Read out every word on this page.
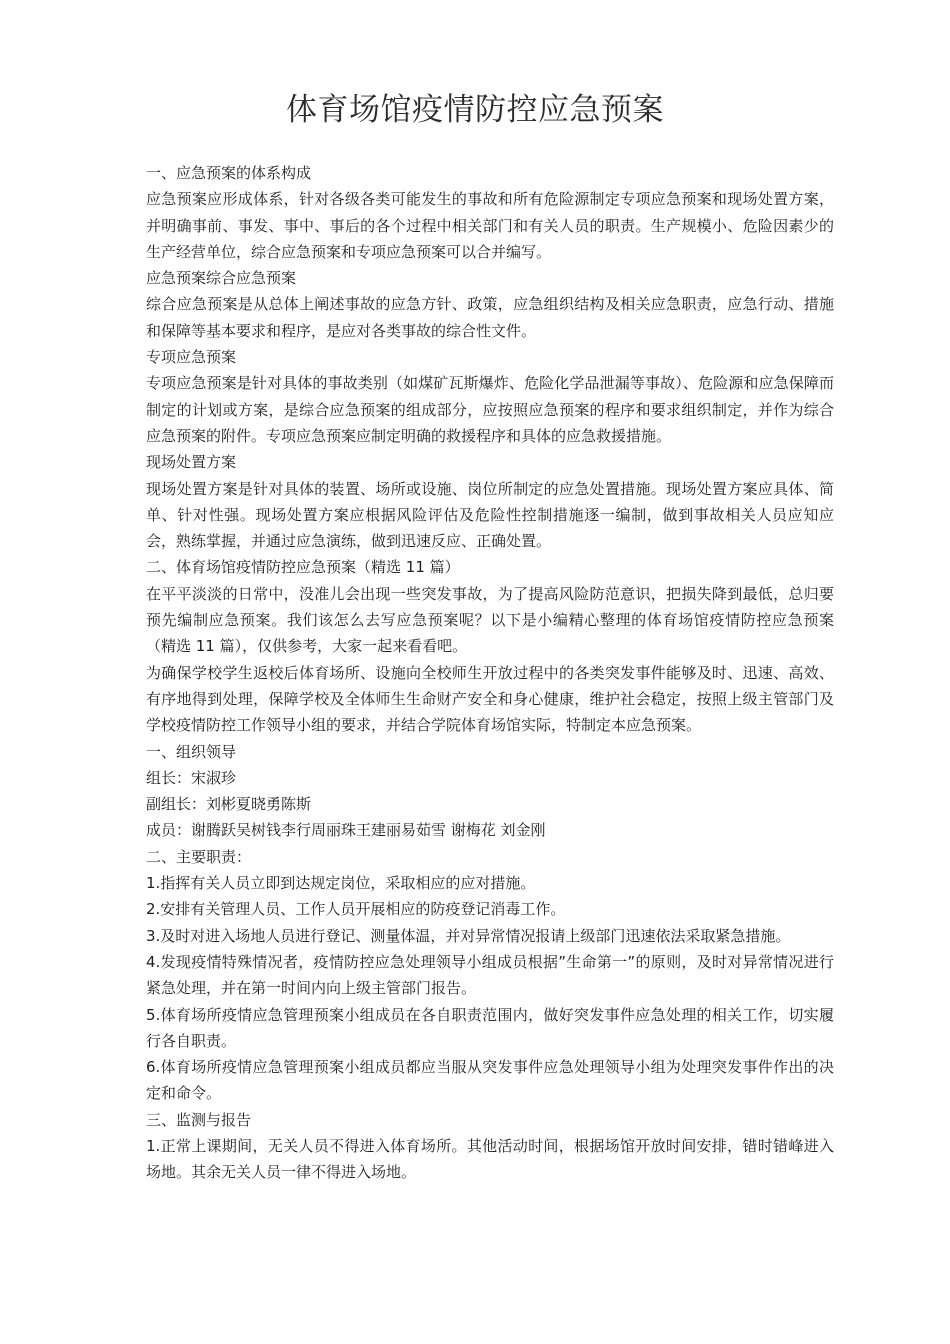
体育场馆疫情防控应急预案

一、应急预案的体系构成

应急预案应形成体系，针对各级各类可能发生的事故和所有危险源制定专项应急预案和现场处置方案，并明确事前、事发、事中、事后的各个过程中相关部门和有关人员的职责。生产规模小、危险因素少的生产经营单位，综合应急预案和专项应急预案可以合并编写。

应急预案综合应急预案

综合应急预案是从总体上阐述事故的应急方针、政策，应急组织结构及相关应急职责，应急行动、措施和保障等基本要求和程序，是应对各类事故的综合性文件。

专项应急预案

专项应急预案是针对具体的事故类别（如煤矿瓦斯爆炸、危险化学品泄漏等事故）、危险源和应急保障而制定的计划或方案，是综合应急预案的组成部分，应按照应急预案的程序和要求组织制定，并作为综合应急预案的附件。专项应急预案应制定明确的救援程序和具体的应急救援措施。

现场处置方案

现场处置方案是针对具体的装置、场所或设施、岗位所制定的应急处置措施。现场处置方案应具体、简单、针对性强。现场处置方案应根据风险评估及危险性控制措施逐一编制，做到事故相关人员应知应会，熟练掌握，并通过应急演练，做到迅速反应、正确处置。

二、体育场馆疫情防控应急预案（精选 11 篇）

在平平淡淡的日常中，没准儿会出现一些突发事故，为了提高风险防范意识，把损失降到最低，总归要预先编制应急预案。我们该怎么去写应急预案呢？以下是小编精心整理的体育场馆疫情防控应急预案（精选 11 篇），仅供参考，大家一起来看看吧。

为确保学校学生返校后体育场所、设施向全校师生开放过程中的各类突发事件能够及时、迅速、高效、有序地得到处理，保障学校及全体师生生命财产安全和身心健康，维护社会稳定，按照上级主管部门及学校疫情防控工作领导小组的要求，并结合学院体育场馆实际，特制定本应急预案。

一、组织领导

组长：宋淑珍

副组长：刘彬夏晓勇陈斯

成员：谢腾跃吴树钱李行周丽珠王建丽易茹雪 谢梅花 刘金刚

二、主要职责：

1.指挥有关人员立即到达规定岗位，采取相应的应对措施。

2.安排有关管理人员、工作人员开展相应的防疫登记消毒工作。

3.及时对进入场地人员进行登记、测量体温，并对异常情况报请上级部门迅速依法采取紧急措施。

4.发现疫情特殊情况者，疫情防控应急处理领导小组成员根据”生命第一”的原则，及时对异常情况进行紧急处理，并在第一时间内向上级主管部门报告。

5.体育场所疫情应急管理预案小组成员在各自职责范围内，做好突发事件应急处理的相关工作，切实履行各自职责。

6.体育场所疫情应急管理预案小组成员都应当服从突发事件应急处理领导小组为处理突发事件作出的决定和命令。

三、监测与报告

1.正常上课期间，无关人员不得进入体育场所。其他活动时间，根据场馆开放时间安排，错时错峰进入场地。其余无关人员一律不得进入场地。
